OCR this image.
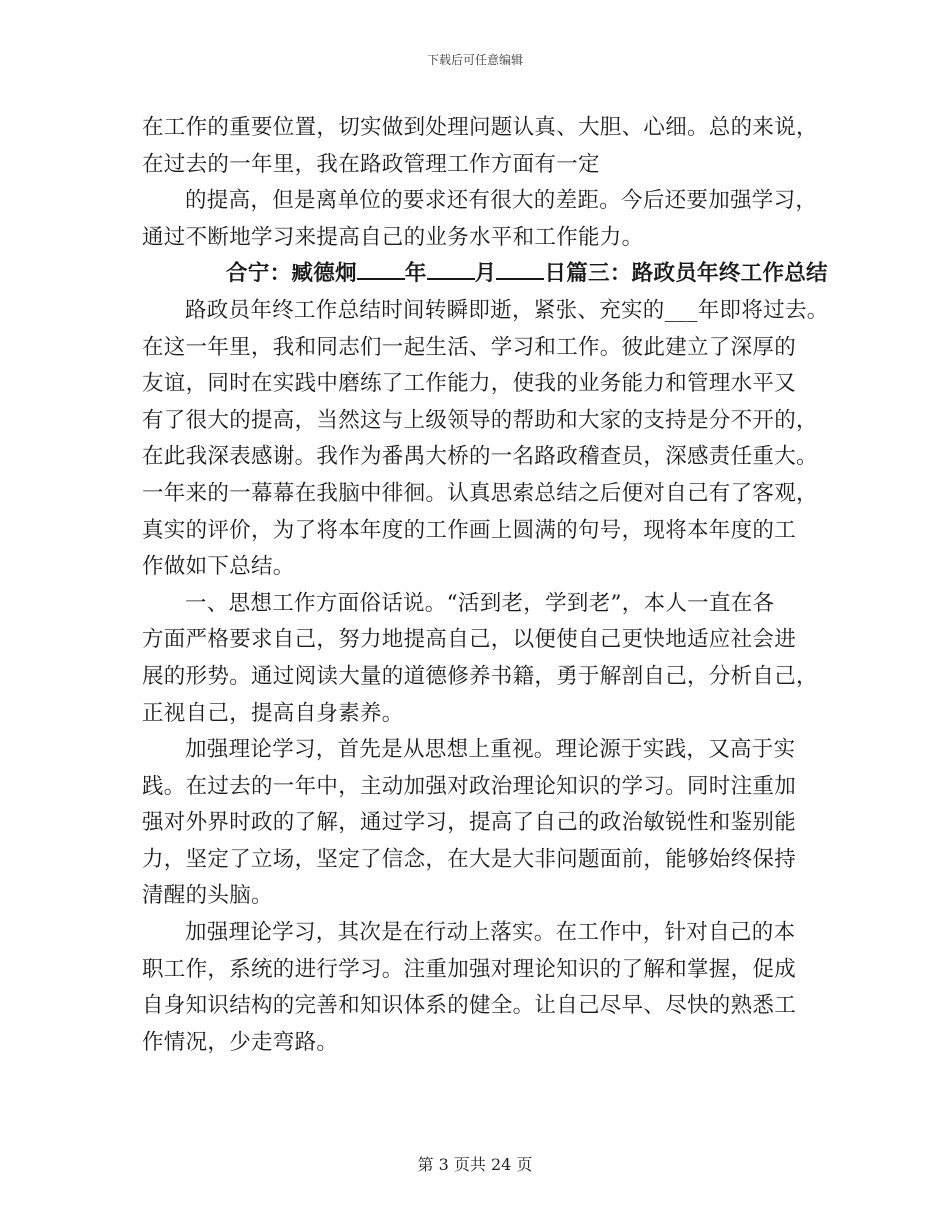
下载后可任意编辑
在工作的重要位置，切实做到处理问题认真、大胆、心细。总的来说，
在过去的一年里，我在路政管理工作方面有一定
的提高，但是离单位的要求还有很大的差距。今后还要加强学习，
通过不断地学习来提高自己的业务水平和工作能力。
合宁：臧德炯 年 月 日篇三：路政员年终工作总结
路政员年终工作总结时间转瞬即逝，紧张、充实的___年即将过去。
在这一年里，我和同志们一起生活、学习和工作。彼此建立了深厚的
友谊，同时在实践中磨练了工作能力，使我的业务能力和管理水平又
有了很大的提高，当然这与上级领导的帮助和大家的支持是分不开的，
在此我深表感谢。我作为番禺大桥的一名路政稽查员，深感责任重大。
一年来的一幕幕在我脑中徘徊。认真思索总结之后便对自己有了客观，
真实的评价，为了将本年度的工作画上圆满的句号，现将本年度的工
作做如下总结。
一、思想工作方面俗话说。“活到老，学到老”，本人一直在各
方面严格要求自己，努力地提高自己，以便使自己更快地适应社会进
展的形势。通过阅读大量的道德修养书籍，勇于解剖自己，分析自己，
正视自己，提高自身素养。
加强理论学习，首先是从思想上重视。理论源于实践，又高于实
践。在过去的一年中，主动加强对政治理论知识的学习。同时注重加
强对外界时政的了解，通过学习，提高了自己的政治敏锐性和鉴别能
力，坚定了立场，坚定了信念，在大是大非问题面前，能够始终保持
清醒的头脑。
加强理论学习，其次是在行动上落实。在工作中，针对自己的本
职工作，系统的进行学习。注重加强对理论知识的了解和掌握，促成
自身知识结构的完善和知识体系的健全。让自己尽早、尽快的熟悉工
作情况，少走弯路。
第 3 页共 24 页
